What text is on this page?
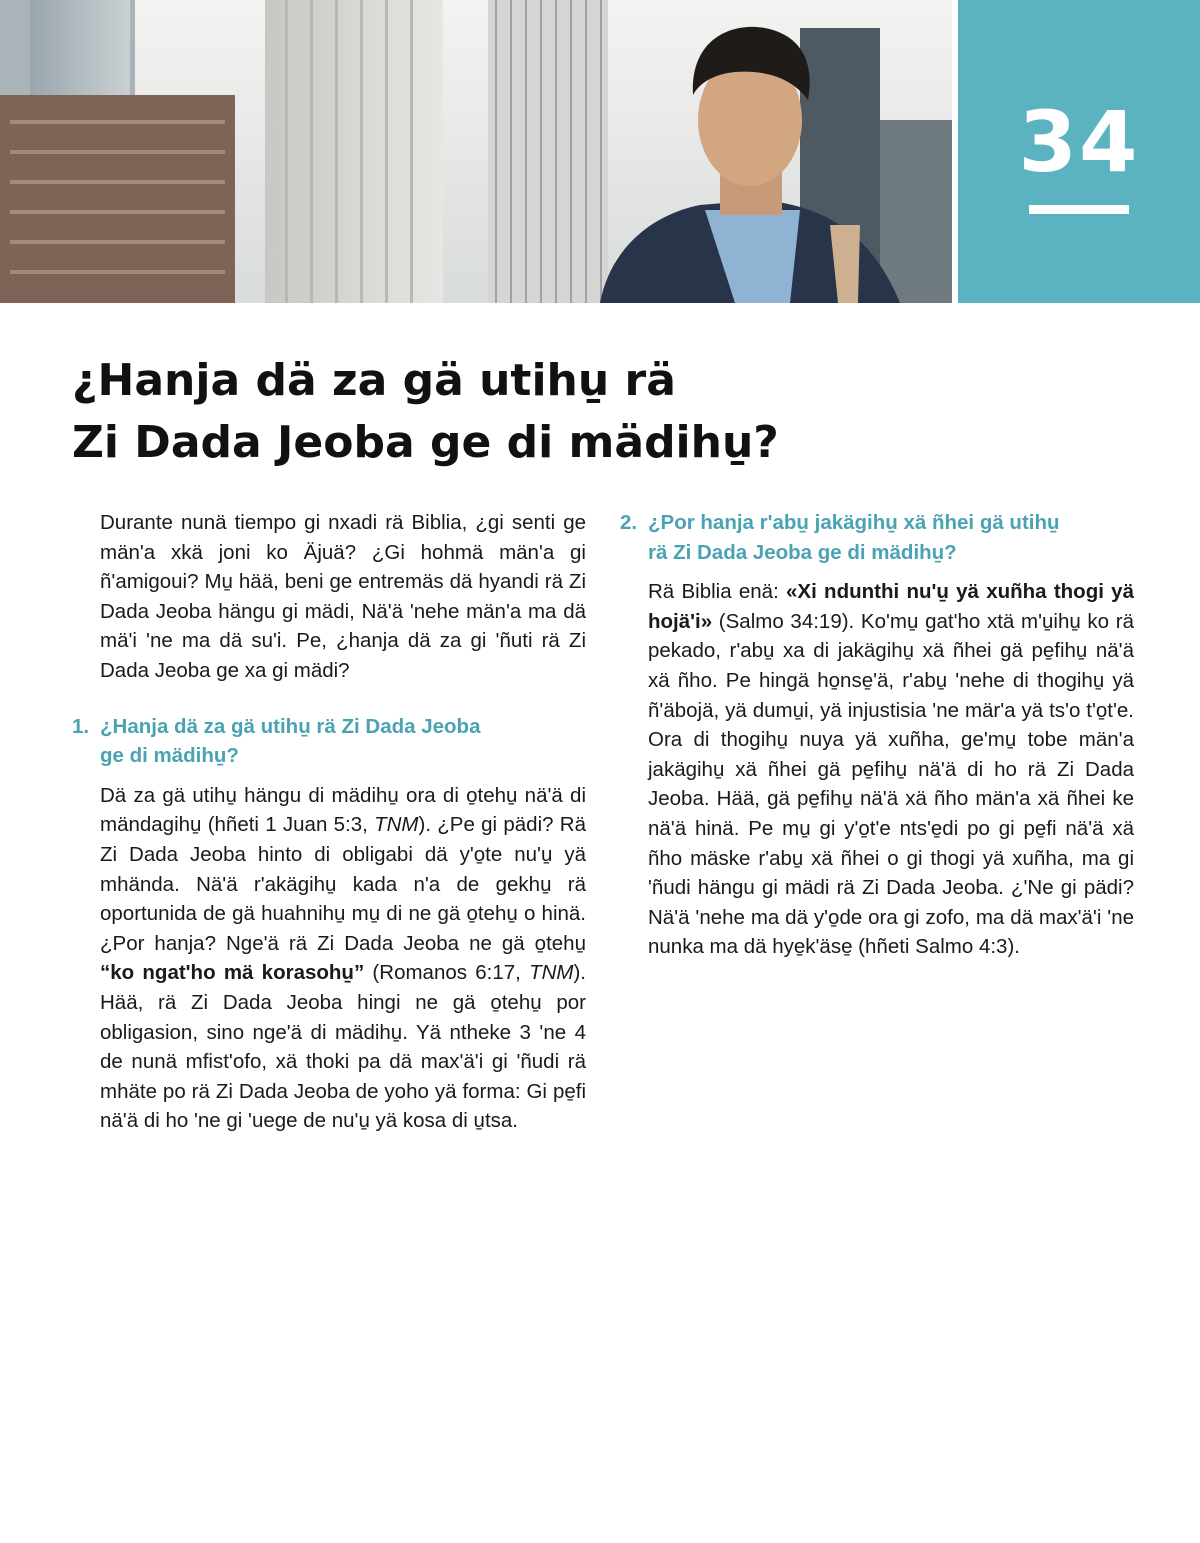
34
¿Hanja dä za gä utihu̱ rä
Zi Dada Jeoba ge di mädihu̱?

Durante nunä tiempo gi nxadi rä Biblia, ¿gi senti ge män'a xkä joni ko Äjuä? ¿Gi hohmä män'a gi ñ'amigoui? Mu̱ hää, beni ge entremäs dä hyandi rä Zi Dada Jeoba hängu gi mädi, Nä'ä 'nehe män'a ma dä mä'i 'ne ma dä su'i. Pe, ¿hanja dä za gi 'ñuti rä Zi Dada Jeoba ge xa gi mädi?

1. ¿Hanja dä za gä utihu̱ rä Zi Dada Jeoba
ge di mädihu̱?

Dä za gä utihu̱ hängu di mädihu̱ ora di o̱tehu̱ nä'ä di mändagihu̱ (hñeti 1 Juan 5:3, TNM). ¿Pe gi pädi? Rä Zi Dada Jeoba hinto di obligabi dä y'o̱te nu'u̱ yä mhända. Nä'ä r'akägihu̱ kada n'a de gekhu̱ rä oportunida de gä huahnihu̱ mu̱ di ne gä o̱tehu̱ o hinä. ¿Por hanja? Nge'ä rä Zi Dada Jeoba ne gä o̱tehu̱ “ko ngat'ho mä korasohu̱” (Romanos 6:17, TNM). Hää, rä Zi Dada Jeoba hingi ne gä o̱tehu̱ por obligasion, sino nge'ä di mädihu̱. Yä ntheke 3 'ne 4 de nunä mfist'ofo, xä thoki pa dä max'ä'i gi 'ñudi rä mhäte po rä Zi Dada Jeoba de yoho yä forma: Gi pe̱fi nä'ä di ho 'ne gi 'uege de nu'u̱ yä kosa di u̱tsa.

2. ¿Por hanja r'abu̱ jakägihu̱ xä ñhei gä utihu̱
rä Zi Dada Jeoba ge di mädihu̱?

Rä Biblia enä: «Xi ndunthi nu'u̱ yä xuñha thogi yä hojä'i» (Salmo 34:19). Ko'mu̱ gat'ho xtä m'u̱ihu̱ ko rä pekado, r'abu̱ xa di jakägihu̱ xä ñhei gä pe̱fihu̱ nä'ä xä ñho. Pe hingä ho̱nse̱'ä, r'abu̱ 'nehe di thogihu̱ yä ñ'äbojä, yä dumu̱i, yä injustisia 'ne mär'a yä ts'o t'o̱t'e. Ora di thogihu̱ nuya yä xuñha, ge'mu̱ tobe män'a jakägihu̱ xä ñhei gä pe̱fihu̱ nä'ä di ho rä Zi Dada Jeoba. Hää, gä pe̱fihu̱ nä'ä xä ñho män'a xä ñhei ke nä'ä hinä. Pe mu̱ gi y'o̱t'e nts'e̱di po gi pe̱fi nä'ä xä ñho mäske r'abu̱ xä ñhei o gi thogi yä xuñha, ma gi 'ñudi hängu gi mädi rä Zi Dada Jeoba. ¿'Ne gi pädi? Nä'ä 'nehe ma dä y'o̱de ora gi zofo, ma dä max'ä'i 'ne nunka ma dä hye̱k'äse̱ (hñeti Salmo 4:3).
